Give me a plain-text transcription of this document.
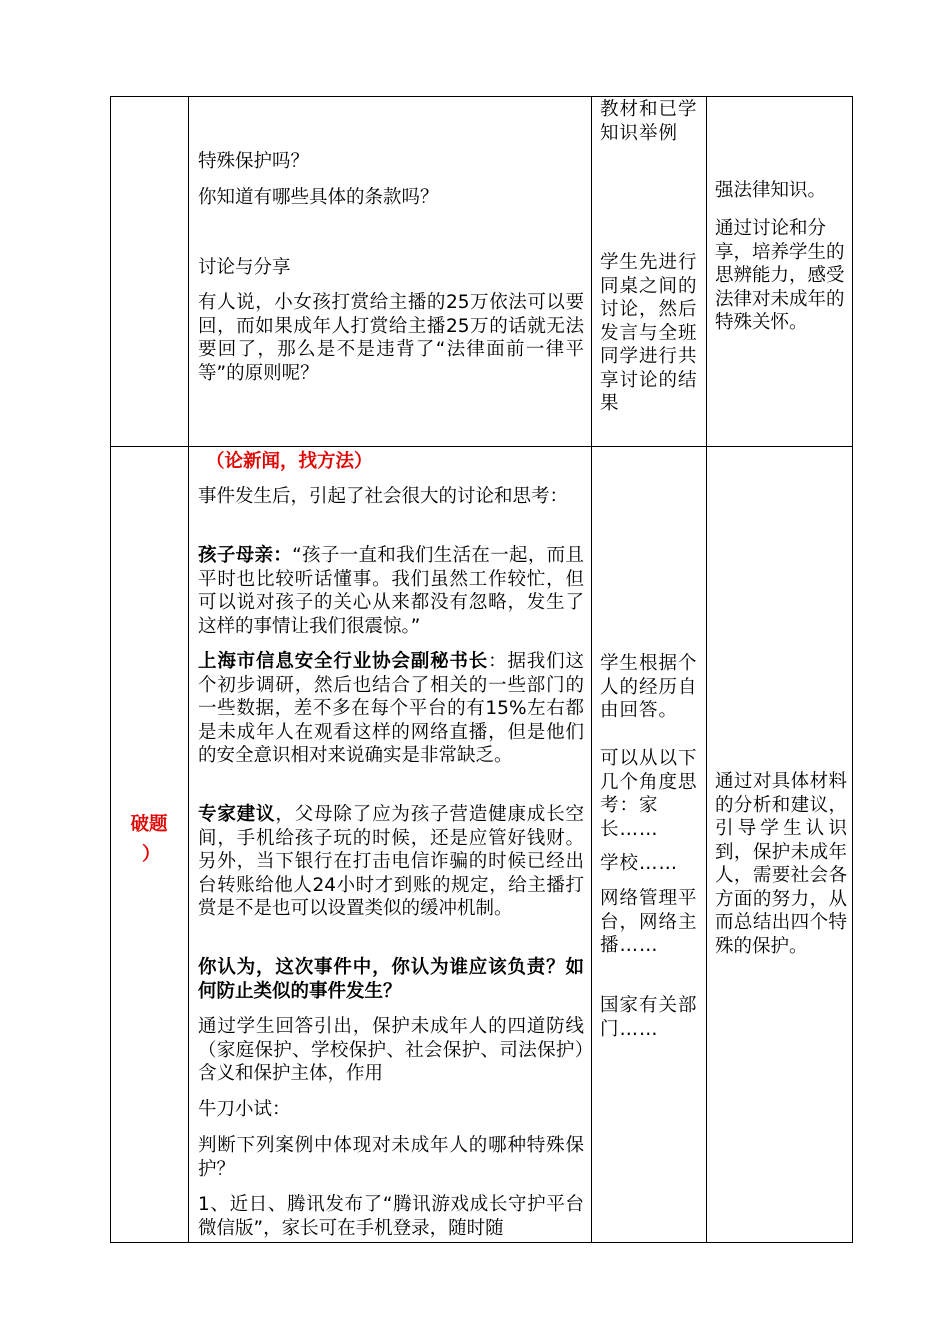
特殊保护吗？

你知道有哪些具体的条款吗？

讨论与分享

有人说，小女孩打赏给主播的25万依法可以要回，而如果成年人打赏给主播25万的话就无法要回了，那么是不是违背了“法律面前一律平等”的原则呢？

教材和已学知识举例

学生先进行同桌之间的讨论，然后发言与全班同学进行共享讨论的结果

强法律知识。

通过讨论和分享，培养学生的思辨能力，感受法律对未成年的特殊关怀。

破题

）

（论新闻，找方法）

事件发生后，引起了社会很大的讨论和思考：

孩子母亲：“孩子一直和我们生活在一起，而且平时也比较听话懂事。我们虽然工作较忙，但可以说对孩子的关心从来都没有忽略，发生了这样的事情让我们很震惊。”

上海市信息安全行业协会副秘书长：据我们这个初步调研，然后也结合了相关的一些部门的一些数据，差不多在每个平台的有15%左右都是未成年人在观看这样的网络直播，但是他们的安全意识相对来说确实是非常缺乏。

专家建议，父母除了应为孩子营造健康成长空间，手机给孩子玩的时候，还是应管好钱财。另外，当下银行在打击电信诈骗的时候已经出台转账给他人24小时才到账的规定，给主播打赏是不是也可以设置类似的缓冲机制。

你认为，这次事件中，你认为谁应该负责？如何防止类似的事件发生？

通过学生回答引出，保护未成年人的四道防线（家庭保护、学校保护、社会保护、司法保护）含义和保护主体，作用

牛刀小试：

判断下列案例中体现对未成年人的哪种特殊保护？

1、近日、腾讯发布了“腾讯游戏成长守护平台微信版”，家长可在手机登录，随时随

学生根据个人的经历自由回答。

可以从以下几个角度思考：家长……

学校……

网络管理平台，网络主播……

国家有关部门……

通过对具体材料的分析和建议，引导学生认识到，保护未成年人，需要社会各方面的努力，从而总结出四个特殊的保护。
